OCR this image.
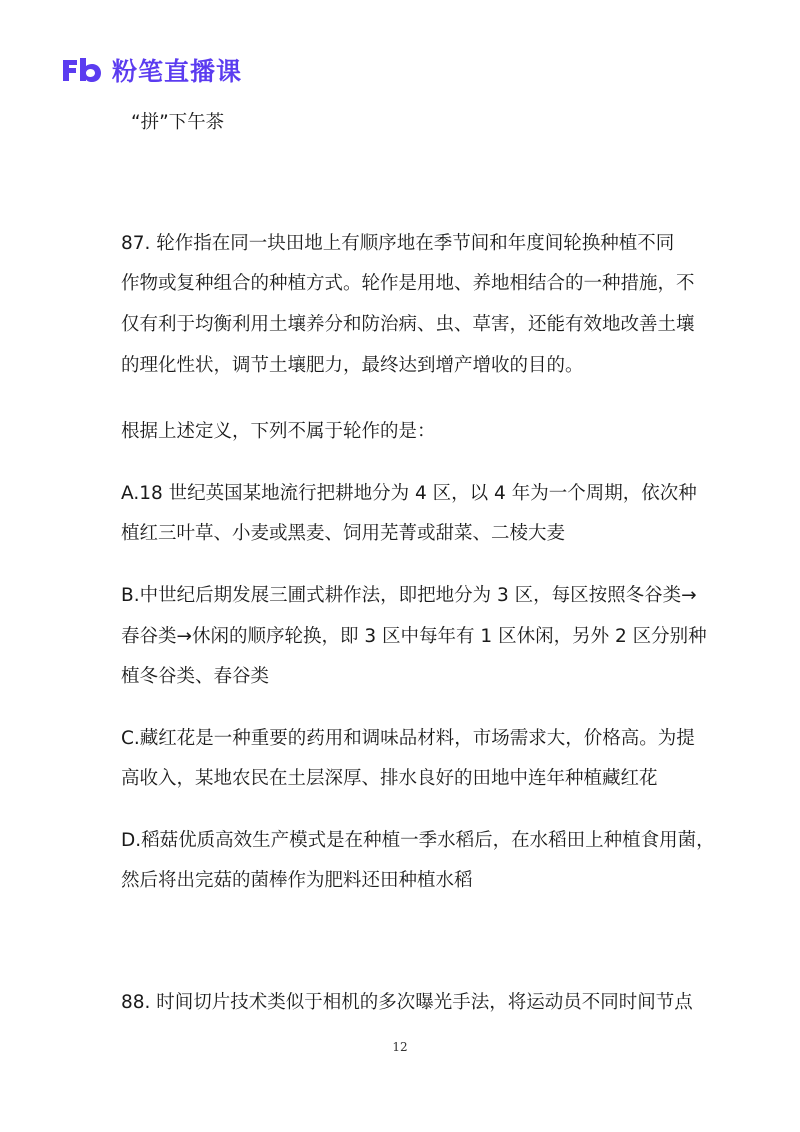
粉笔直播课
“拼”下午茶
87. 轮作指在同一块田地上有顺序地在季节间和年度间轮换种植不同
作物或复种组合的种植方式。轮作是用地、养地相结合的一种措施，不
仅有利于均衡利用土壤养分和防治病、虫、草害，还能有效地改善土壤
的理化性状，调节土壤肥力，最终达到增产增收的目的。
根据上述定义，下列不属于轮作的是：
A.18 世纪英国某地流行把耕地分为 4 区，以 4 年为一个周期，依次种
植红三叶草、小麦或黑麦、饲用芜菁或甜菜、二棱大麦
B.中世纪后期发展三圃式耕作法，即把地分为 3 区，每区按照冬谷类→
春谷类→休闲的顺序轮换，即 3 区中每年有 1 区休闲，另外 2 区分别种
植冬谷类、春谷类
C.藏红花是一种重要的药用和调味品材料，市场需求大，价格高。为提
高收入，某地农民在土层深厚、排水良好的田地中连年种植藏红花
D.稻菇优质高效生产模式是在种植一季水稻后，在水稻田上种植食用菌，
然后将出完菇的菌棒作为肥料还田种植水稻
88. 时间切片技术类似于相机的多次曝光手法，将运动员不同时间节点
12
